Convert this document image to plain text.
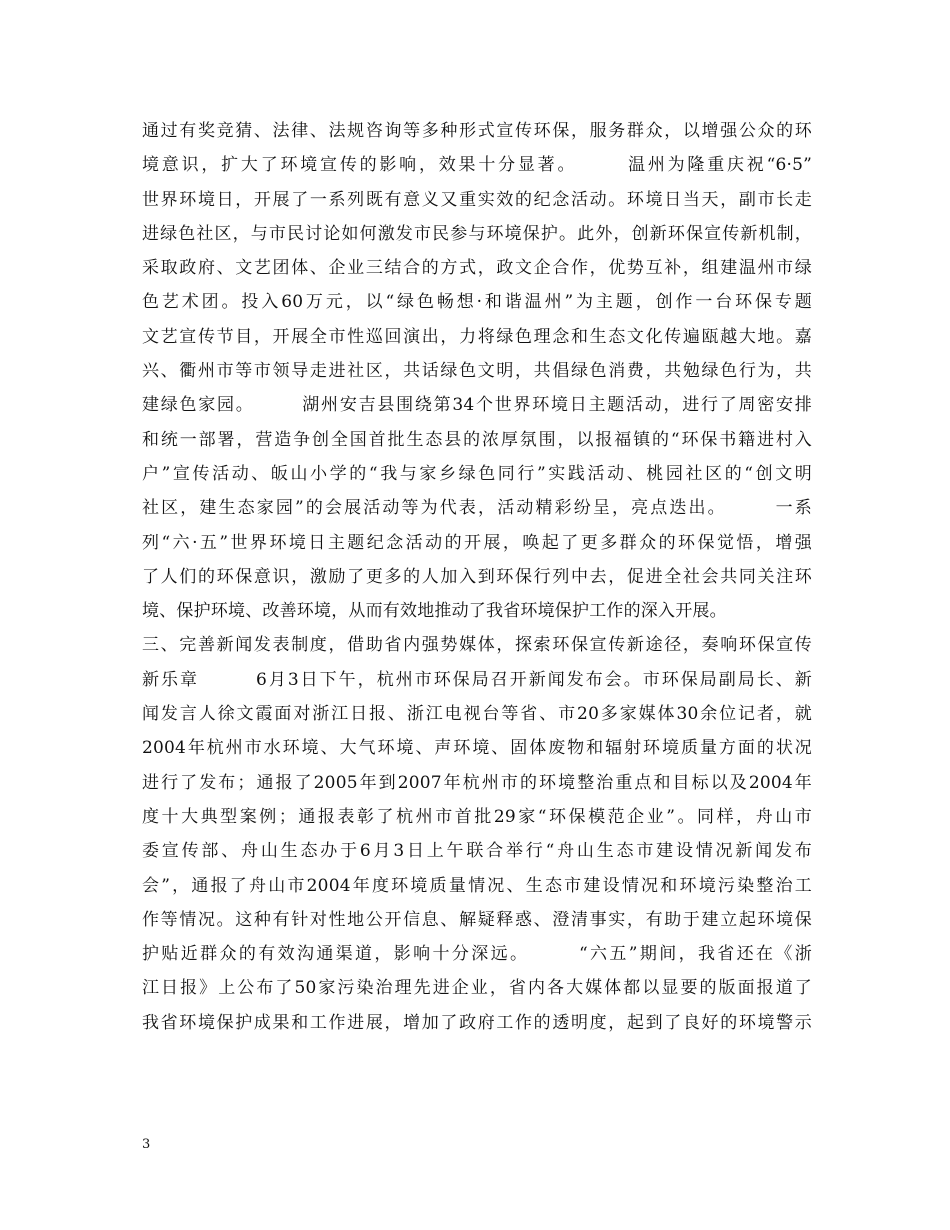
通过有奖竞猜、法律、法规咨询等多种形式宣传环保，服务群众，以增强公众的环
境意识，扩大了环境宣传的影响，效果十分显著。　　　温州为隆重庆祝“6·5”
世界环境日，开展了一系列既有意义又重实效的纪念活动。环境日当天，副市长走
进绿色社区，与市民讨论如何激发市民参与环境保护。此外，创新环保宣传新机制，
采取政府、文艺团体、企业三结合的方式，政文企合作，优势互补，组建温州市绿
色艺术团。投入60万元，以“绿色畅想·和谐温州”为主题，创作一台环保专题
文艺宣传节目，开展全市性巡回演出，力将绿色理念和生态文化传遍瓯越大地。嘉
兴、衢州市等市领导走进社区，共话绿色文明，共倡绿色消费，共勉绿色行为，共
建绿色家园。　　　湖州安吉县围绕第34个世界环境日主题活动，进行了周密安排
和统一部署，营造争创全国首批生态县的浓厚氛围，以报福镇的“环保书籍进村入
户”宣传活动、皈山小学的“我与家乡绿色同行”实践活动、桃园社区的“创文明
社区，建生态家园”的会展活动等为代表，活动精彩纷呈，亮点迭出。　　　一系
列“六·五”世界环境日主题纪念活动的开展，唤起了更多群众的环保觉悟，增强
了人们的环保意识，激励了更多的人加入到环保行列中去，促进全社会共同关注环
境、保护环境、改善环境，从而有效地推动了我省环境保护工作的深入开展。
三、完善新闻发表制度，借助省内强势媒体，探索环保宣传新途径，奏响环保宣传
新乐章　　　6月3日下午，杭州市环保局召开新闻发布会。市环保局副局长、新
闻发言人徐文霞面对浙江日报、浙江电视台等省、市20多家媒体30余位记者，就
2004年杭州市水环境、大气环境、声环境、固体废物和辐射环境质量方面的状况
进行了发布；通报了2005年到2007年杭州市的环境整治重点和目标以及2004年
度十大典型案例；通报表彰了杭州市首批29家“环保模范企业”。同样，舟山市
委宣传部、舟山生态办于6月3日上午联合举行“舟山生态市建设情况新闻发布
会”，通报了舟山市2004年度环境质量情况、生态市建设情况和环境污染整治工
作等情况。这种有针对性地公开信息、解疑释惑、澄清事实，有助于建立起环境保
护贴近群众的有效沟通渠道，影响十分深远。　　　“六五”期间，我省还在《浙
江日报》上公布了50家污染治理先进企业，省内各大媒体都以显要的版面报道了
我省环境保护成果和工作进展，增加了政府工作的透明度，起到了良好的环境警示
3
